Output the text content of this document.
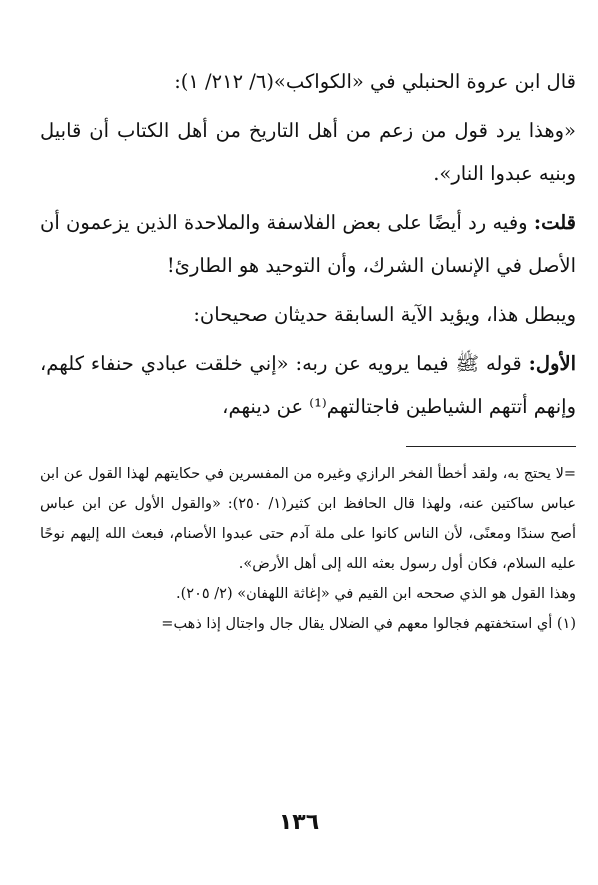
قال ابن عروة الحنبلي في «الكواكب»(٦/ ٢١٢/ ١):

«وهذا يرد قول من زعم من أهل التاريخ من أهل الكتاب أن قابيل وبنيه عبدوا النار».

قلت: وفيه رد أيضًا على بعض الفلاسفة والملاحدة الذين يزعمون أن الأصل في الإنسان الشرك، وأن التوحيد هو الطارئ!

ويبطل هذا، ويؤيد الآية السابقة حديثان صحيحان:

الأول: قوله ﷺ فيما يرويه عن ربه: «إني خلقت عبادي حنفاء كلهم، وإنهم أتتهم الشياطين فاجتالتهم⁽¹⁾ عن دينهم،

=لا يحتج به، ولقد أخطأ الفخر الرازي وغيره من المفسرين في حكايتهم لهذا القول عن ابن عباس ساكتين عنه، ولهذا قال الحافظ ابن كثير(١/ ٢٥٠): «والقول الأول عن ابن عباس أصح سندًا ومعنًى، لأن الناس كانوا على ملة آدم حتى عبدوا الأصنام، فبعث الله إليهم نوحًا عليه السلام، فكان أول رسول بعثه الله إلى أهل الأرض».

وهذا القول هو الذي صححه ابن القيم في «إغاثة اللهفان» (٢/ ٢٠٥).

(١) أي استخفتهم فجالوا معهم في الضلال يقال جال واجتال إذا ذهب=

١٣٦
